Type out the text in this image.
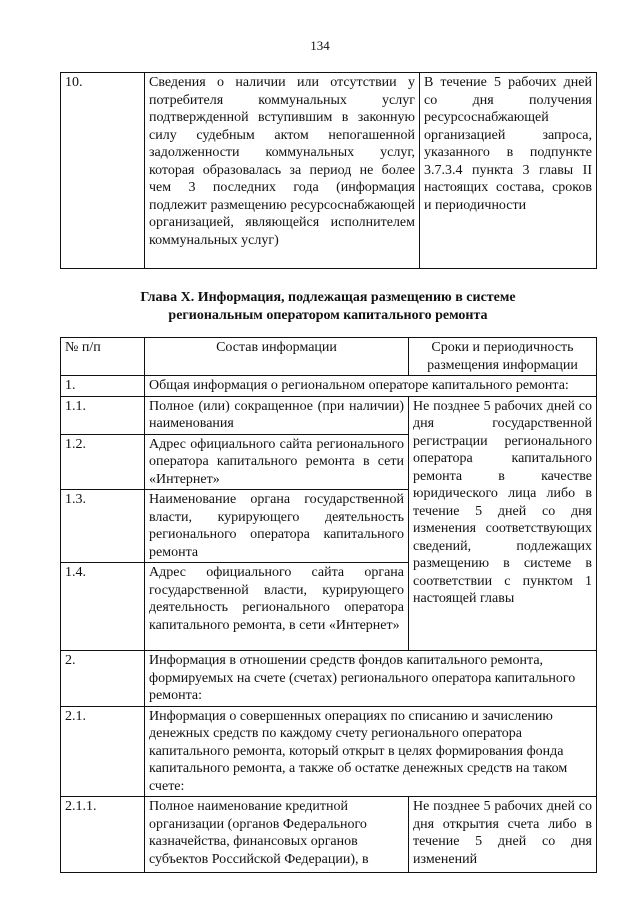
134
10.	Сведения о наличии или отсутствии у потребителя коммунальных услуг подтвержденной вступившим в законную силу судебным актом непогашенной задолженности коммунальных услуг, которая образовалась за период не более чем 3 последних года (информация подлежит размещению ресурсоснабжающей организацией, являющейся исполнителем коммунальных услуг)	В течение 5 рабочих дней со дня получения ресурсоснабжающей организацией запроса, указанного в подпункте 3.7.3.4 пункта 3 главы II настоящих состава, сроков и периодичности
Глава X. Информация, подлежащая размещению в системе
региональным оператором капитального ремонта
№ п/п	Состав информации	Сроки и периодичность размещения информации
1.	Общая информация о региональном операторе капитального ремонта:	
1.1.	Полное (или) сокращенное (при наличии) наименования	Не позднее 5 рабочих дней со дня государственной регистрации регионального оператора капитального ремонта в качестве юридического лица либо в течение 5 дней со дня изменения соответствующих сведений, подлежащих размещению в системе в соответствии с пунктом 1 настоящей главы
1.2.	Адрес официального сайта регионального оператора капитального ремонта в сети «Интернет»	
1.3.	Наименование органа государственной власти, курирующего деятельность регионального оператора капитального ремонта	
1.4.	Адрес официального сайта органа государственной власти, курирующего деятельность регионального оператора капитального ремонта, в сети «Интернет»	
2.	Информация в отношении средств фондов капитального ремонта, формируемых на счете (счетах) регионального оператора капитального ремонта:	
2.1.	Информация о совершенных операциях по списанию и зачислению денежных средств по каждому счету регионального оператора капитального ремонта, который открыт в целях формирования фонда капитального ремонта, а также об остатке денежных средств на таком счете:	
2.1.1.	Полное наименование кредитной организации (органов Федерального казначейства, финансовых органов субъектов Российской Федерации), в	Не позднее 5 рабочих дней со дня открытия счета либо в течение 5 дней со дня изменений
